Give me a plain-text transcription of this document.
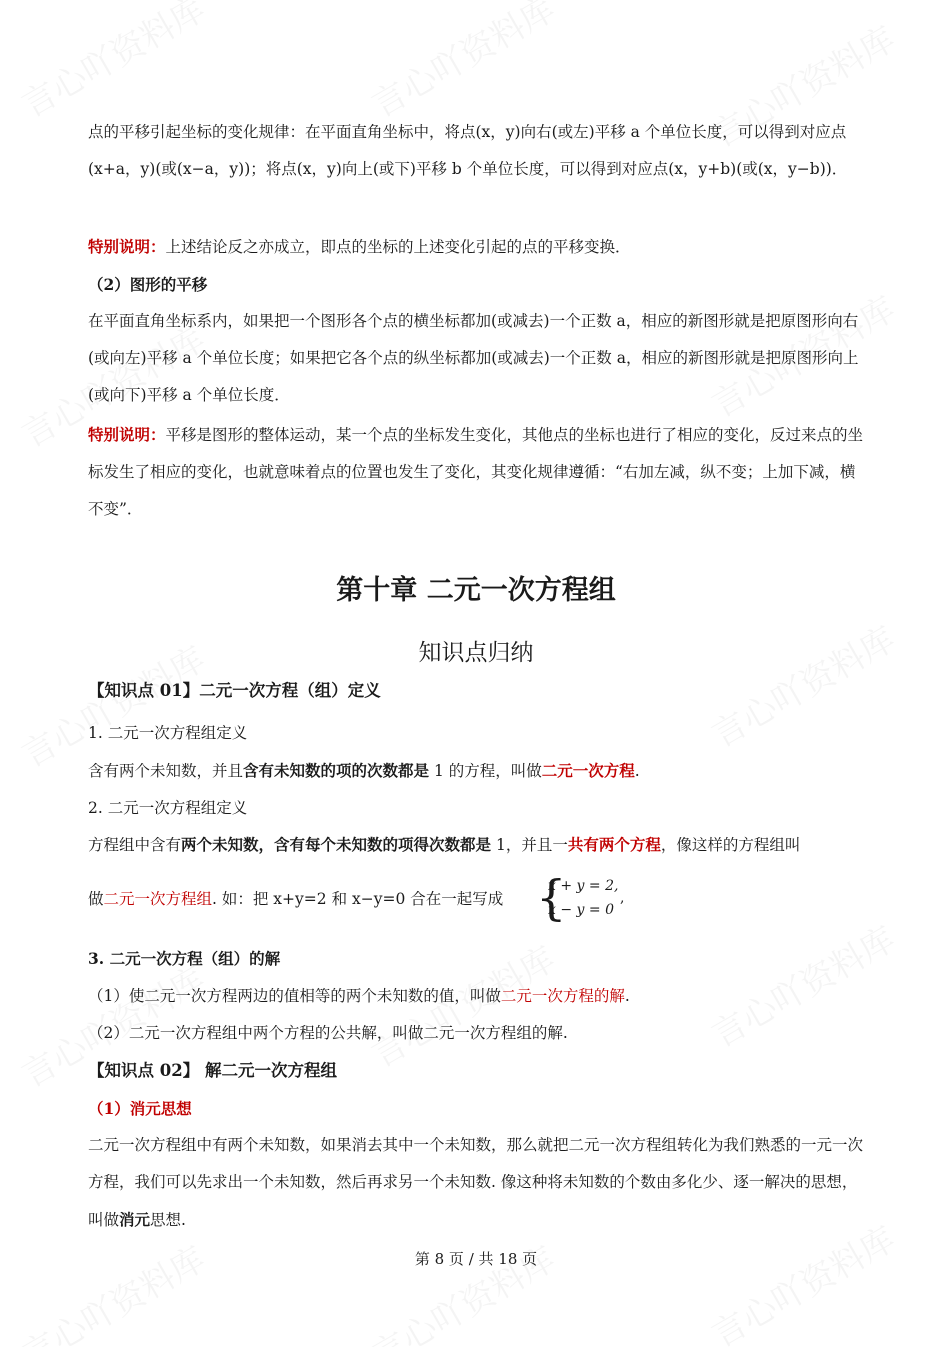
点的平移引起坐标的变化规律：在平面直角坐标中，将点(x，y)向右(或左)平移 a 个单位长度，可以得到对应点(x+a，y)(或(x−a，y))；将点(x，y)向上(或下)平移 b 个单位长度，可以得到对应点(x，y+b)(或(x，y−b))．

特别说明：上述结论反之亦成立，即点的坐标的上述变化引起的点的平移变换．

（2）图形的平移

在平面直角坐标系内，如果把一个图形各个点的横坐标都加(或减去)一个正数 a，相应的新图形就是把原图形向右(或向左)平移 a 个单位长度；如果把它各个点的纵坐标都加(或减去)一个正数 a，相应的新图形就是把原图形向上(或向下)平移 a 个单位长度．

特别说明：平移是图形的整体运动，某一个点的坐标发生变化，其他点的坐标也进行了相应的变化，反过来点的坐标发生了相应的变化，也就意味着点的位置也发生了变化，其变化规律遵循：“右加左减，纵不变；上加下减，横不变”．

第十章 二元一次方程组
知识点归纳

【知识点 01】二元一次方程（组）定义

1. 二元一次方程组定义

含有两个未知数，并且含有未知数的项的次数都是 1 的方程，叫做二元一次方程.

2. 二元一次方程组定义

方程组中含有两个未知数，含有每个未知数的项得次数都是 1，并且一共有两个方程，像这样的方程组叫

做二元一次方程组. 如：把 x+y=2 和 x−y=0 合在一起写成 {
x + y = 2,
x − y = 0
,

3. 二元一次方程（组）的解

（1）使二元一次方程两边的值相等的两个未知数的值，叫做二元一次方程的解.

（2）二元一次方程组中两个方程的公共解，叫做二元一次方程组的解.

【知识点 02】 解二元一次方程组

（1）消元思想

二元一次方程组中有两个未知数，如果消去其中一个未知数，那么就把二元一次方程组转化为我们熟悉的一元一次方程，我们可以先求出一个未知数，然后再求另一个未知数. 像这种将未知数的个数由多化少、逐一解决的思想，叫做消元思想.

第 8 页 / 共 18 页
